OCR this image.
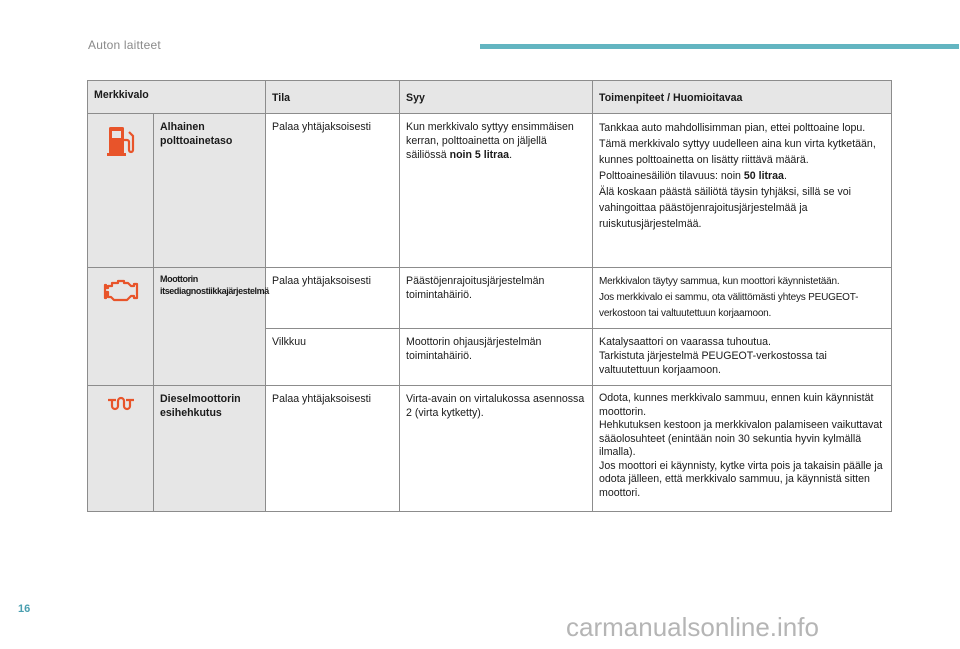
Auton laitteet
Merkkivalo		Tila	Syy	Toimenpiteet / Huomioitavaa

	Alhainen polttoainetaso	Palaa yhtäjaksoisesti	Kun merkkivalo syttyy ensimmäisen kerran, polttoainetta on jäljellä säiliössä noin 5 litraa.	Tankkaa auto mahdollisimman pian, ettei polttoaine lopu.
Tämä merkkivalo syttyy uudelleen aina kun virta kytketään, kunnes polttoainetta on lisätty riittävä määrä.
Polttoainesäiliön tilavuus: noin 50 litraa.
Älä koskaan päästä säiliötä täysin tyhjäksi, sillä se voi vahingoittaa päästöjenrajoitusjärjestelmää ja ruiskutusjärjestelmää.

	Moottorin itsediagnostiikkajärjestelmä	Palaa yhtäjaksoisesti	Päästöjenrajoitusjärjestelmän toimintahäiriö.	Merkkivalon täytyy sammua, kun moottori käynnistetään.
Jos merkkivalo ei sammu, ota välittömästi yhteys PEUGEOT-verkostoon tai valtuutettuun korjaamoon.

		Vilkkuu	Moottorin ohjausjärjestelmän toimintahäiriö.	Katalysaattori on vaarassa tuhoutua.
Tarkistuta järjestelmä PEUGEOT-verkostossa tai valtuutettuun korjaamoon.

	Dieselmoottorin esihehkutus	Palaa yhtäjaksoisesti	Virta-avain on virtalukossa asennossa 2 (virta kytketty).	Odota, kunnes merkkivalo sammuu, ennen kuin käynnistät moottorin.
Hehkutuksen kestoon ja merkkivalon palamiseen vaikuttavat sääolosuhteet (enintään noin 30 sekuntia hyvin kylmällä ilmalla).
Jos moottori ei käynnisty, kytke virta pois ja takaisin päälle ja odota jälleen, että merkkivalo sammuu, ja käynnistä sitten moottori.
16
carmanualsonline.info
